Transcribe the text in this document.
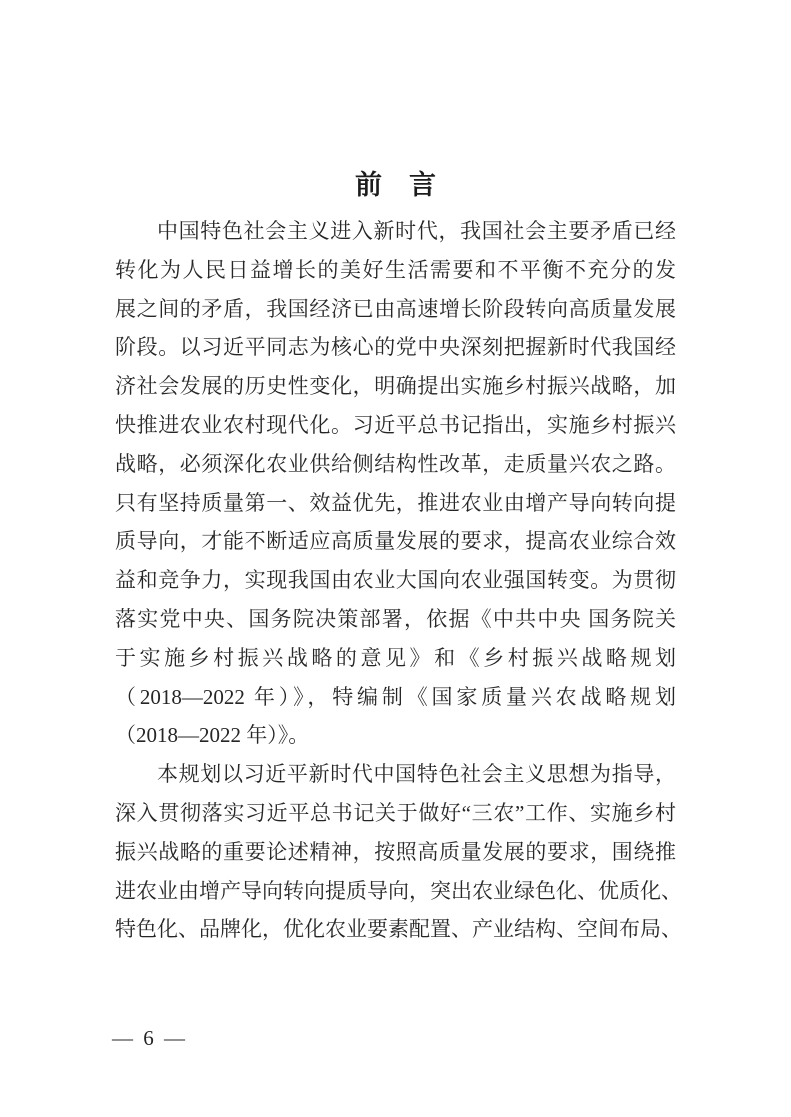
前　言
中国特色社会主义进入新时代，我国社会主要矛盾已经
转化为人民日益增长的美好生活需要和不平衡不充分的发
展之间的矛盾，我国经济已由高速增长阶段转向高质量发展
阶段。以习近平同志为核心的党中央深刻把握新时代我国经
济社会发展的历史性变化，明确提出实施乡村振兴战略，加
快推进农业农村现代化。习近平总书记指出，实施乡村振兴
战略，必须深化农业供给侧结构性改革，走质量兴农之路。
只有坚持质量第一、效益优先，推进农业由增产导向转向提
质导向，才能不断适应高质量发展的要求，提高农业综合效
益和竞争力，实现我国由农业大国向农业强国转变。为贯彻
落实党中央、国务院决策部署，依据《中共中央 国务院关
于实施乡村振兴战略的意见》和《乡村振兴战略规划
（2018—2022 年）》，特编制《国家质量兴农战略规划
（2018—2022 年）》。
本规划以习近平新时代中国特色社会主义思想为指导，
深入贯彻落实习近平总书记关于做好“三农”工作、实施乡村
振兴战略的重要论述精神，按照高质量发展的要求，围绕推
进农业由增产导向转向提质导向，突出农业绿色化、优质化、
特色化、品牌化，优化农业要素配置、产业结构、空间布局、
— 6 —
